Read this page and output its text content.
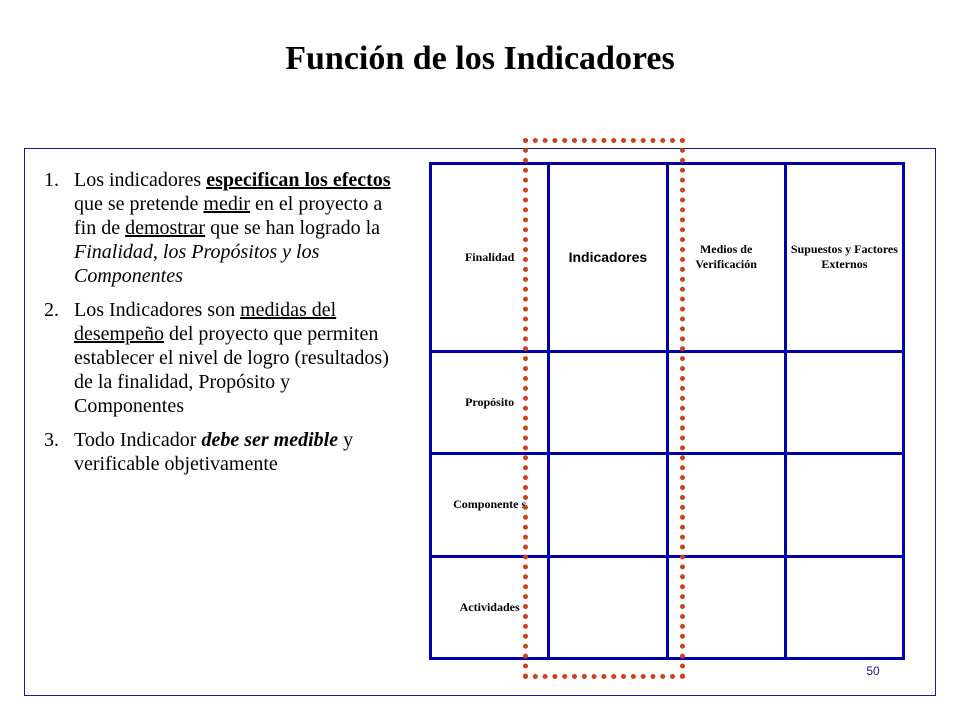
Función de los Indicadores
1. Los indicadores especifican los efectos que se pretende medir en el proyecto a fin de demostrar que se han logrado la Finalidad, los Propósitos y los Componentes
2. Los Indicadores son medidas del desempeño del proyecto que permiten establecer el nivel de logro (resultados) de la finalidad, Propósito y Componentes
3. Todo Indicador debe ser medible y verificable objetivamente
Finalidad	Indicadores	Medios de Verificación	Supuestos y Factores Externos
Propósito			
Componente s			
Actividades			
50
